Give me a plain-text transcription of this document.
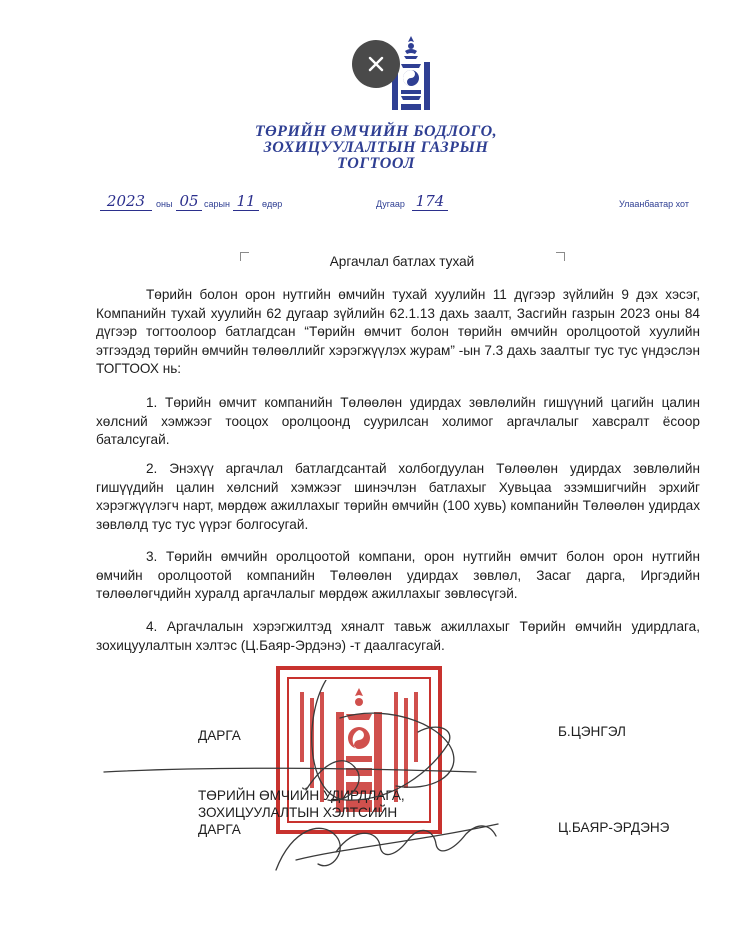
ТӨРИЙН ӨМЧИЙН БОДЛОГО,
ЗОХИЦУУЛАЛТЫН ГАЗРЫН
ТОГТООЛ
2023	оны 05 сарын 11 өдөр	Дугаар 174	Улаанбаатар хот
Аргачлал батлах тухай
Төрийн болон орон нутгийн өмчийн тухай хуулийн 11 дүгээр зүйлийн 9 дэх хэсэг, Компанийн тухай хуулийн 62 дугаар зүйлийн 62.1.13 дахь заалт, Засгийн газрын 2023 оны 84 дүгээр тогтоолоор батлагдсан “Төрийн өмчит болон төрийн өмчийн оролцоотой хуулийн этгээдэд төрийн өмчийн төлөөллийг хэрэгжүүлэх журам” -ын 7.3 дахь заалтыг тус тус үндэслэн ТОГТООХ нь:
1. Төрийн өмчит компанийн Төлөөлөн удирдах зөвлөлийн гишүүний цагийн цалин хөлсний хэмжээг тооцох оролцоонд суурилсан холимог аргачлалыг хавсралт ёсоор баталсугай.
2. Энэхүү аргачлал батлагдсантай холбогдуулан Төлөөлөн удирдах зөвлөлийн гишүүдийн цалин хөлсний хэмжээг шинэчлэн батлахыг Хувьцаа эзэмшигчийн эрхийг хэрэгжүүлэгч нарт, мөрдөж ажиллахыг төрийн өмчийн (100 хувь) компанийн Төлөөлөн удирдах зөвлөлд тус тус үүрэг болгосугай.
3. Төрийн өмчийн оролцоотой компани, орон нутгийн өмчит болон орон нутгийн өмчийн оролцоотой компанийн Төлөөлөн удирдах зөвлөл, Засаг дарга, Иргэдийн төлөөлөгчдийн хуралд аргачлалыг мөрдөж ажиллахыг зөвлөсүгэй.
4. Аргачлалын хэрэгжилтэд хяналт тавьж ажиллахыг Төрийн өмчийн удирдлага, зохицуулалтын хэлтэс (Ц.Баяр-Эрдэнэ) -т даалгасугай.
ДАРГА	Б.ЦЭНГЭЛ
ТӨРИЙН ӨМЧИЙН УДИРДЛАГА,
ЗОХИЦУУЛАЛТЫН ХЭЛТСИЙН
ДАРГА	Ц.БАЯР-ЭРДЭНЭ
